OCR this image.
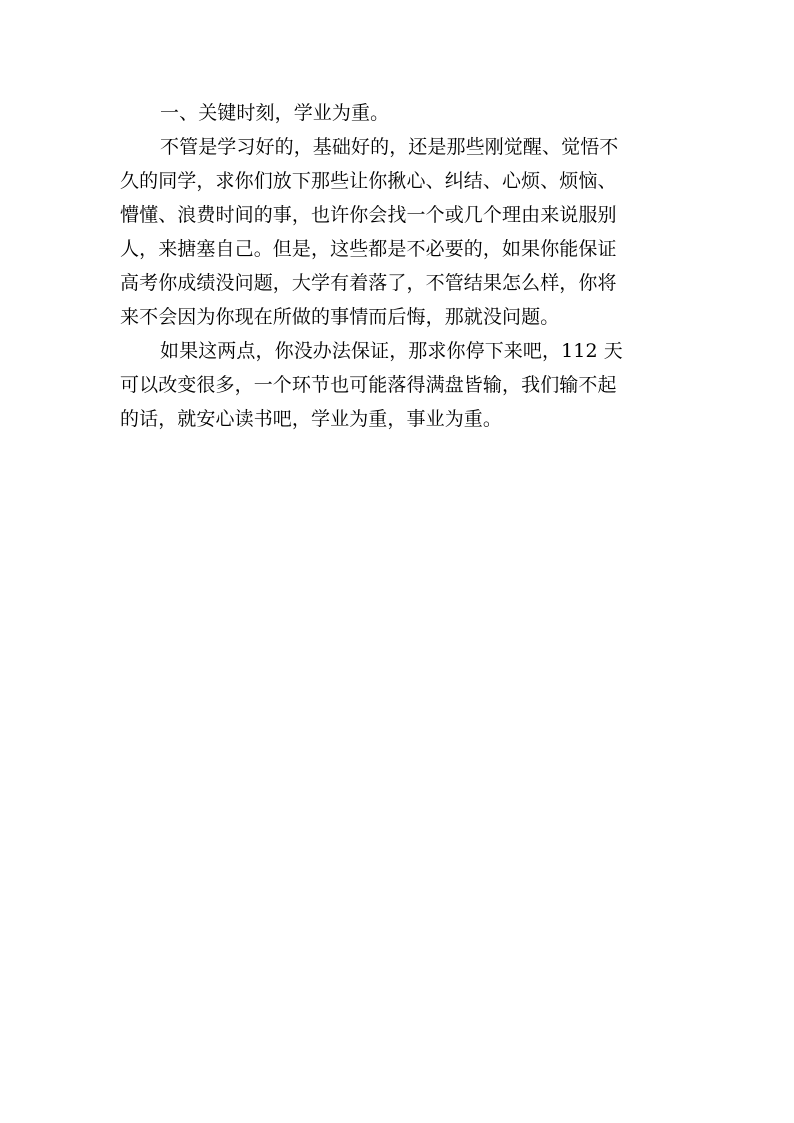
一、关键时刻，学业为重。
不管是学习好的，基础好的，还是那些刚觉醒、觉悟不
久的同学，求你们放下那些让你揪心、纠结、心烦、烦恼、
懵懂、浪费时间的事，也许你会找一个或几个理由来说服别
人，来搪塞自己。但是，这些都是不必要的，如果你能保证
高考你成绩没问题，大学有着落了，不管结果怎么样，你将
来不会因为你现在所做的事情而后悔，那就没问题。
如果这两点，你没办法保证，那求你停下来吧，112 天
可以改变很多，一个环节也可能落得满盘皆输，我们输不起
的话，就安心读书吧，学业为重，事业为重。
